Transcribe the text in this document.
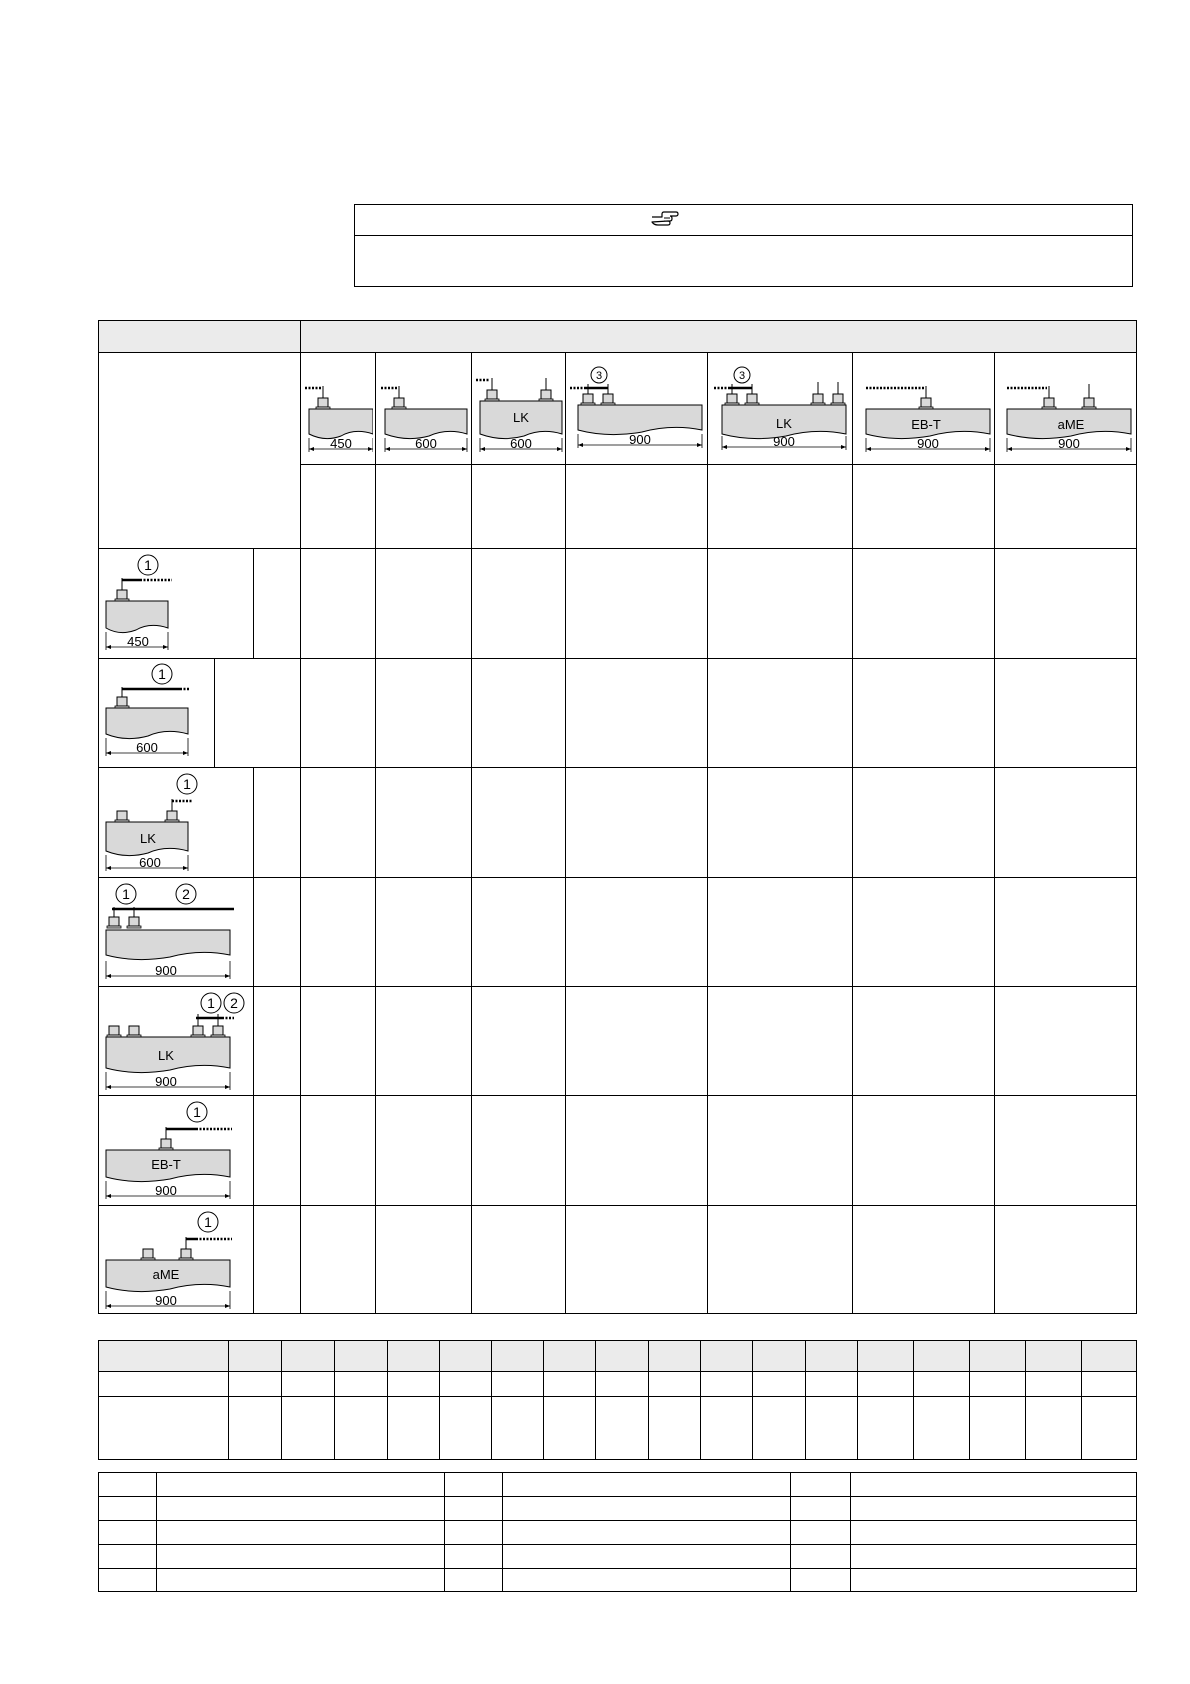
450	600
LK
600
3
900
3
LK
900
EB-T
900
aME
900
1
450
1
600
1
LK
600
1	2
900
1 2
LK
900
1
EB-T
900
1
aME
900
